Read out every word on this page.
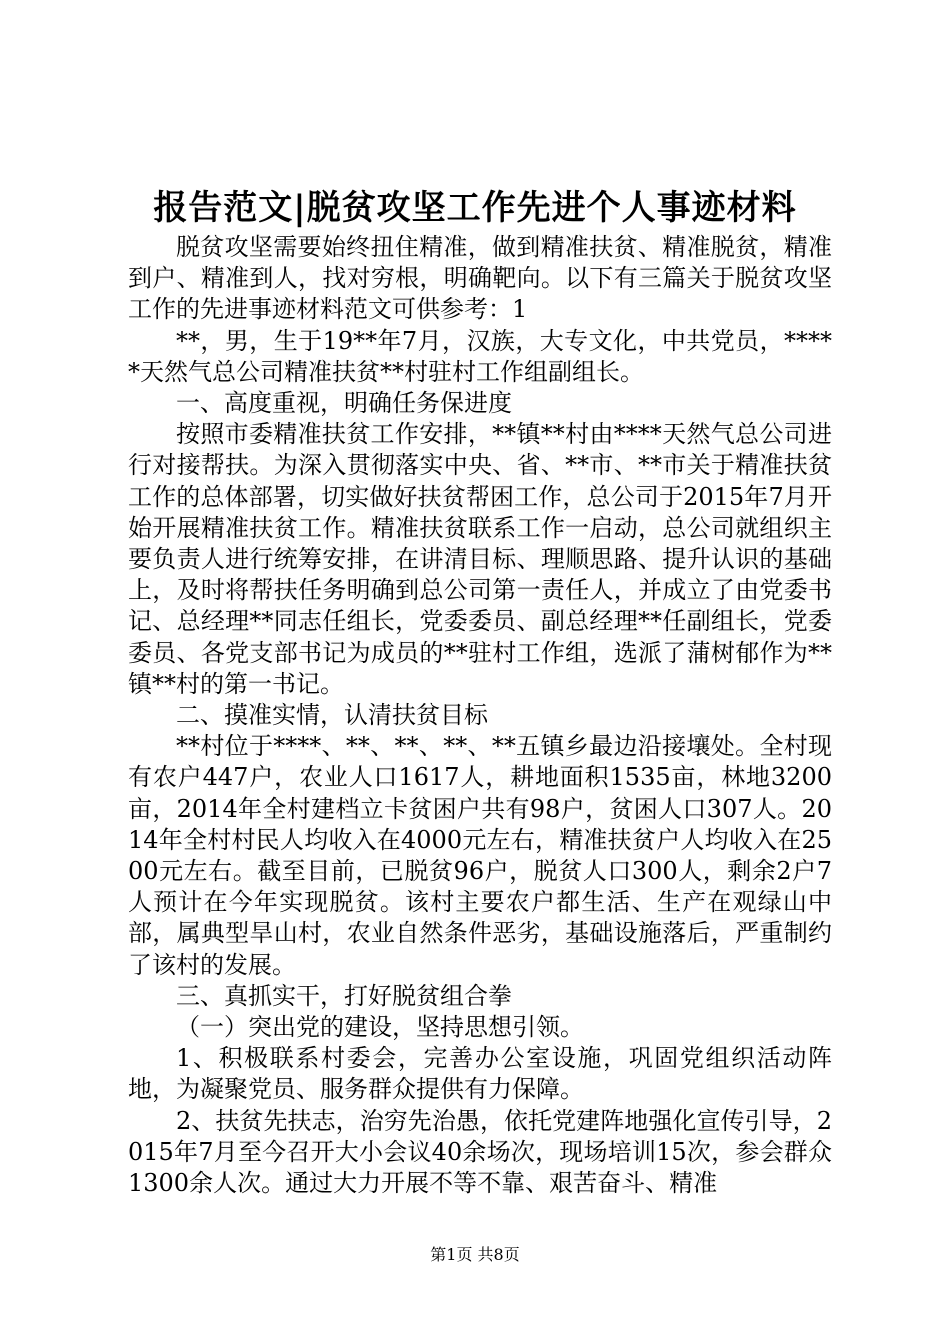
报告范文|脱贫攻坚工作先进个人事迹材料

脱贫攻坚需要始终扭住精准，做到精准扶贫、精准脱贫，精准到户、精准到人，找对穷根，明确靶向。以下有三篇关于脱贫攻坚工作的先进事迹材料范文可供参考：1

**，男，生于19**年7月，汉族，大专文化，中共党员，*****天然气总公司精准扶贫**村驻村工作组副组长。

一、高度重视，明确任务保进度

按照市委精准扶贫工作安排，**镇**村由****天然气总公司进行对接帮扶。为深入贯彻落实中央、省、**市、**市关于精准扶贫工作的总体部署，切实做好扶贫帮困工作，总公司于2015年7月开始开展精准扶贫工作。精准扶贫联系工作一启动，总公司就组织主要负责人进行统筹安排，在讲清目标、理顺思路、提升认识的基础上，及时将帮扶任务明确到总公司第一责任人，并成立了由党委书记、总经理**同志任组长，党委委员、副总经理**任副组长，党委委员、各党支部书记为成员的**驻村工作组，选派了蒲树郁作为**镇**村的第一书记。

二、摸准实情，认清扶贫目标

**村位于****、**、**、**、**五镇乡最边沿接壤处。全村现有农户447户，农业人口1617人，耕地面积1535亩，林地3200亩，2014年全村建档立卡贫困户共有98户，贫困人口307人。2014年全村村民人均收入在4000元左右，精准扶贫户人均收入在2500元左右。截至目前，已脱贫96户，脱贫人口300人，剩余2户7人预计在今年实现脱贫。该村主要农户都生活、生产在观绿山中部，属典型旱山村，农业自然条件恶劣，基础设施落后，严重制约了该村的发展。

三、真抓实干，打好脱贫组合拳

（一）突出党的建设，坚持思想引领。

1、积极联系村委会，完善办公室设施，巩固党组织活动阵地，为凝聚党员、服务群众提供有力保障。

2、扶贫先扶志，治穷先治愚，依托党建阵地强化宣传引导，2015年7月至今召开大小会议40余场次，现场培训15次，参会群众1300余人次。通过大力开展不等不靠、艰苦奋斗、精准

第1页 共8页
